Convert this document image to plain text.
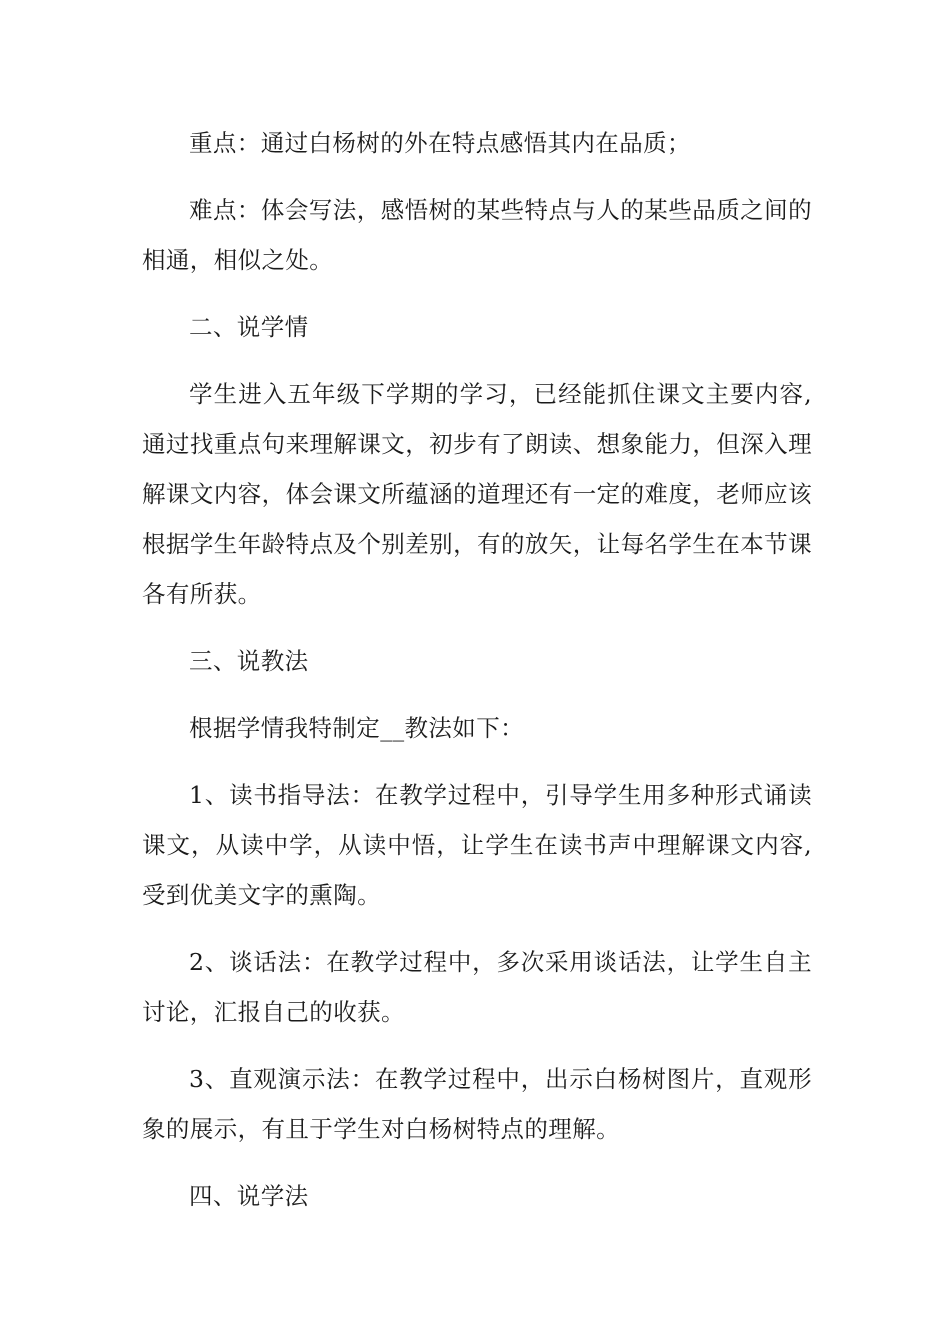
重点：通过白杨树的外在特点感悟其内在品质；

难点：体会写法，感悟树的某些特点与人的某些品质之间的相通，相似之处。

二、说学情

学生进入五年级下学期的学习，已经能抓住课文主要内容,通过找重点句来理解课文，初步有了朗读、想象能力，但深入理解课文内容，体会课文所蕴涵的道理还有一定的难度，老师应该根据学生年龄特点及个别差别，有的放矢，让每名学生在本节课各有所获。

三、说教法

根据学情我特制定__教法如下：

1、读书指导法：在教学过程中，引导学生用多种形式诵读课文，从读中学，从读中悟，让学生在读书声中理解课文内容,受到优美文字的熏陶。

2、谈话法：在教学过程中，多次采用谈话法，让学生自主讨论，汇报自己的收获。

3、直观演示法：在教学过程中，出示白杨树图片，直观形象的展示，有且于学生对白杨树特点的理解。

四、说学法
